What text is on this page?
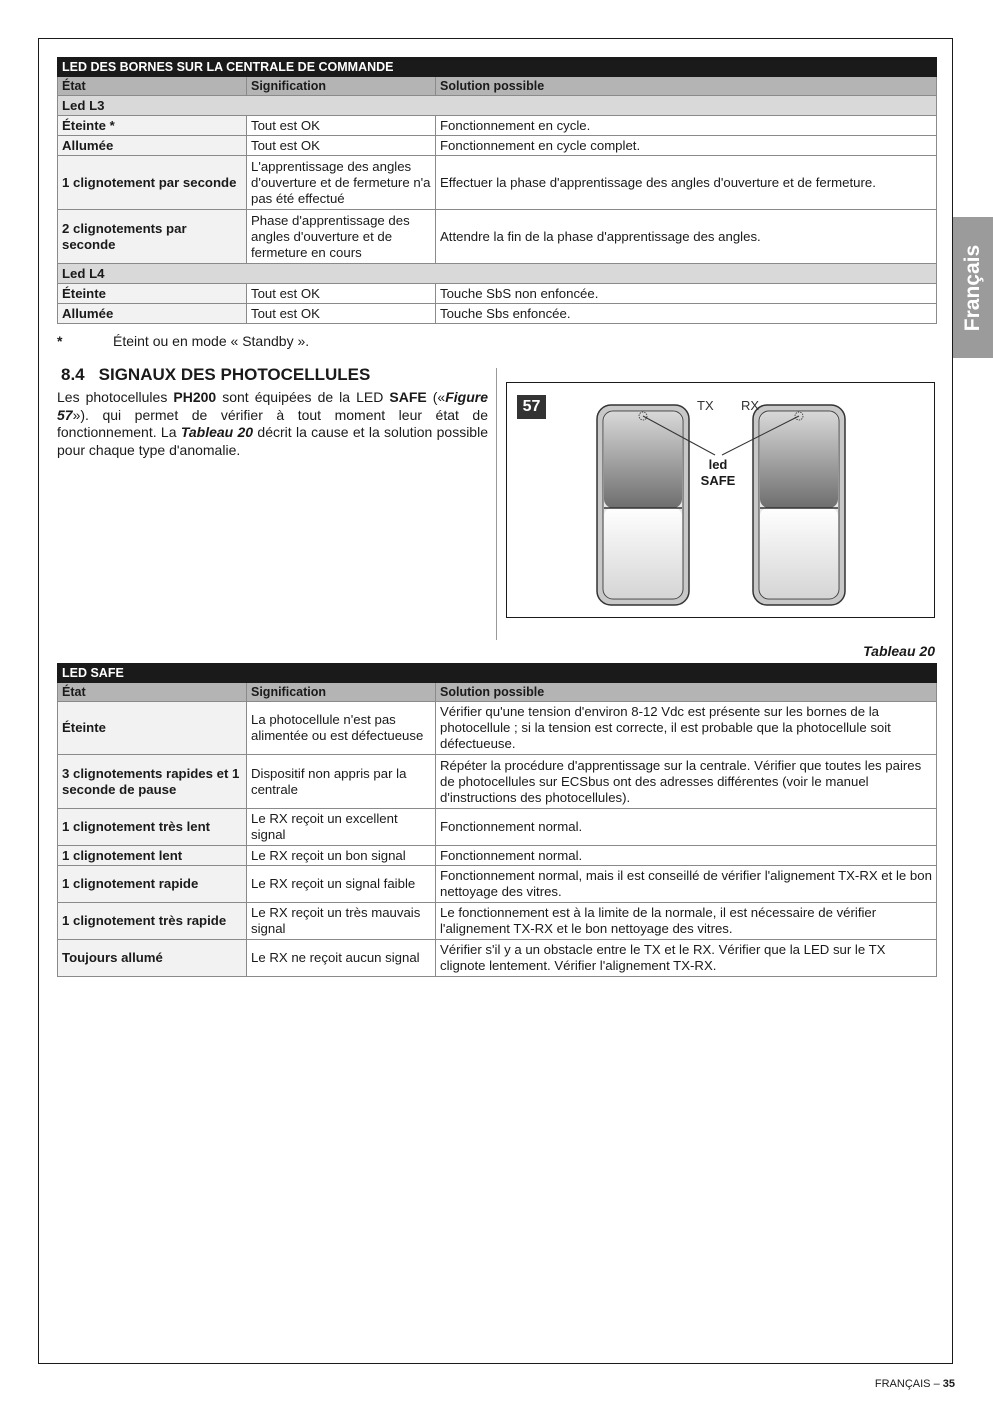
Français
LED DES BORNES SUR LA CENTRALE DE COMMANDE		
État	Signification	Solution possible
Led L3		
Éteinte *	Tout est OK	Fonctionnement en cycle.
Allumée	Tout est OK	Fonctionnement en cycle complet.
1 clignotement par seconde	L'apprentissage des angles d'ouverture et de fermeture n'a pas été effectué	Effectuer la phase d'apprentissage des angles d'ouverture et de fermeture.
2 clignotements par seconde	Phase d'apprentissage des angles d'ouverture et de fermeture en cours	Attendre la fin de la phase d'apprentissage des angles.
Led L4		
Éteinte	Tout est OK	Touche SbS non enfoncée.
Allumée	Tout est OK	Touche Sbs enfoncée.
*	Éteint ou en mode « Standby ».
8.4 SIGNAUX DES PHOTOCELLULES
Les photocellules PH200 sont équipées de la LED SAFE («Figure 57»). qui permet de vérifier à tout moment leur état de fonctionnement. La Tableau 20 décrit la cause et la solution possible pour chaque type d'anomalie.
57	TX RX
led
SAFE
Tableau 20
LED SAFE		
État	Signification	Solution possible
Éteinte	La photocellule n'est pas alimentée ou est défectueuse	Vérifier qu'une tension d'environ 8-12 Vdc est présente sur les bornes de la photocellule ; si la tension est correcte, il est probable que la photocellule soit défectueuse.
3 clignotements rapides et 1 seconde de pause	Dispositif non appris par la centrale	Répéter la procédure d'apprentissage sur la centrale. Vérifier que toutes les paires de photocellules sur ECSbus ont des adresses différentes (voir le manuel d'instructions des photocellules).
1 clignotement très lent	Le RX reçoit un excellent signal	Fonctionnement normal.
1 clignotement lent	Le RX reçoit un bon signal	Fonctionnement normal.
1 clignotement rapide	Le RX reçoit un signal faible	Fonctionnement normal, mais il est conseillé de vérifier l'alignement TX-RX et le bon nettoyage des vitres.
1 clignotement très rapide	Le RX reçoit un très mauvais signal	Le fonctionnement est à la limite de la normale, il est nécessaire de vérifier l'alignement TX-RX et le bon nettoyage des vitres.
Toujours allumé	Le RX ne reçoit aucun signal	Vérifier s'il y a un obstacle entre le TX et le RX. Vérifier que la LED sur le TX clignote lentement. Vérifier l'alignement TX-RX.
FRANÇAIS – 35
